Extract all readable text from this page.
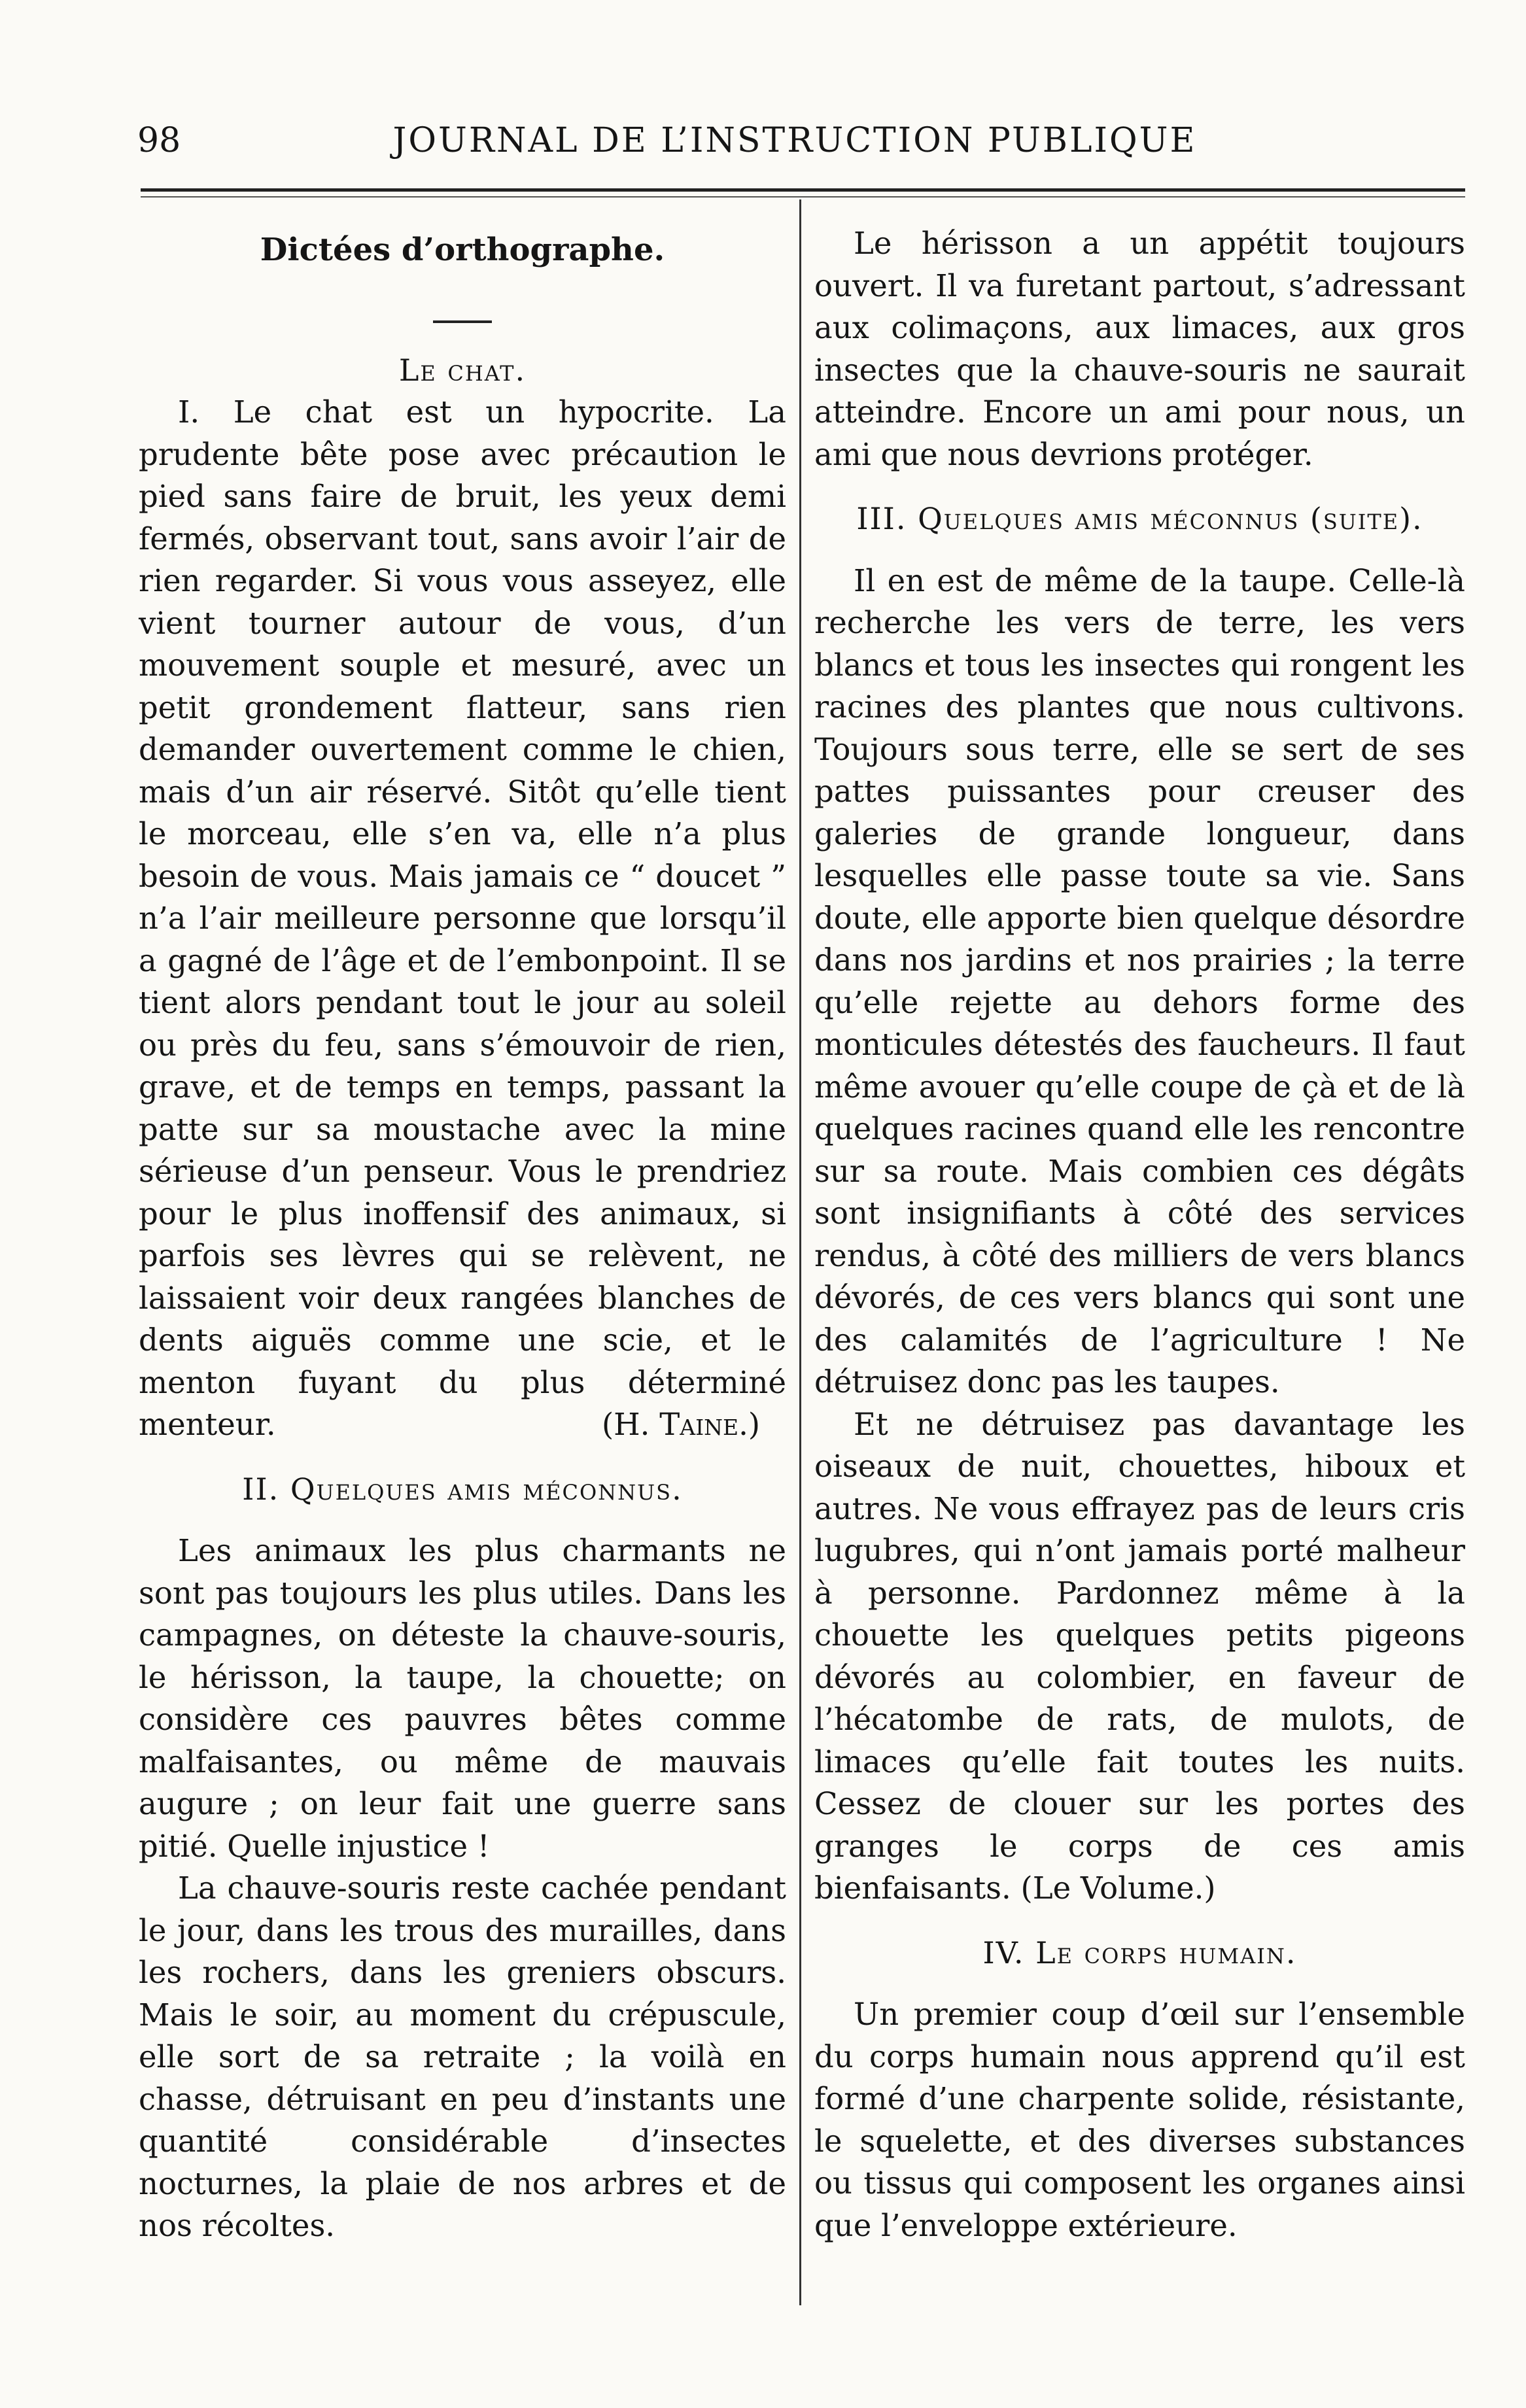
98	JOURNAL DE L’INSTRUCTION PUBLIQUE
Dictées d’orthographe.
Le chat.

I. Le chat est un hypocrite. La prudente bête pose avec précaution le pied sans faire de bruit, les yeux demi fermés, observant tout, sans avoir l’air de rien regarder. Si vous vous asseyez, elle vient tourner autour de vous, d’un mouvement souple et mesuré, avec un petit grondement flatteur, sans rien demander ouvertement comme le chien, mais d’un air réservé. Sitôt qu’elle tient le morceau, elle s’en va, elle n’a plus besoin de vous. Mais jamais ce “ doucet ” n’a l’air meilleure personne que lorsqu’il a gagné de l’âge et de l’embonpoint. Il se tient alors pendant tout le jour au soleil ou près du feu, sans s’émouvoir de rien, grave, et de temps en temps, passant la patte sur sa moustache avec la mine sérieuse d’un penseur. Vous le prendriez pour le plus inoffensif des animaux, si parfois ses lèvres qui se relèvent, ne laissaient voir deux rangées blanches de dents aiguës comme une scie, et le menton fuyant du plus déterminé menteur.	(H. Taine.)
II. Quelques amis méconnus.

Les animaux les plus charmants ne sont pas toujours les plus utiles. Dans les campagnes, on déteste la chauve-souris, le hérisson, la taupe, la chouette; on considère ces pauvres bêtes comme malfaisantes, ou même de mauvais augure ; on leur fait une guerre sans pitié. Quelle injustice !

La chauve-souris reste cachée pendant le jour, dans les trous des murailles, dans les rochers, dans les greniers obscurs. Mais le soir, au moment du crépuscule, elle sort de sa retraite ; la voilà en chasse, détruisant en peu d’instants une quantité considérable d’insectes nocturnes, la plaie de nos arbres et de nos récoltes.

Le hérisson a un appétit toujours ouvert. Il va furetant partout, s’adressant aux colimaçons, aux limaces, aux gros insectes que la chauve-souris ne saurait atteindre. Encore un ami pour nous, un ami que nous devrions protéger.

III. Quelques amis méconnus (suite).

Il en est de même de la taupe. Celle-là recherche les vers de terre, les vers blancs et tous les insectes qui rongent les racines des plantes que nous cultivons. Toujours sous terre, elle se sert de ses pattes puissantes pour creuser des galeries de grande longueur, dans lesquelles elle passe toute sa vie. Sans doute, elle apporte bien quelque désordre dans nos jardins et nos prairies ; la terre qu’elle rejette au dehors forme des monticules détestés des faucheurs. Il faut même avouer qu’elle coupe de çà et de là quelques racines quand elle les rencontre sur sa route. Mais combien ces dégâts sont insignifiants à côté des services rendus, à côté des milliers de vers blancs dévorés, de ces vers blancs qui sont une des calamités de l’agriculture ! Ne détruisez donc pas les taupes.

Et ne détruisez pas davantage les oiseaux de nuit, chouettes, hiboux et autres. Ne vous effrayez pas de leurs cris lugubres, qui n’ont jamais porté malheur à personne. Pardonnez même à la chouette les quelques petits pigeons dévorés au colombier, en faveur de l’hécatombe de rats, de mulots, de limaces qu’elle fait toutes les nuits. Cessez de clouer sur les portes des granges le corps de ces amis bienfaisants. (Le Volume.)

IV. Le corps humain.

Un premier coup d’œil sur l’ensemble du corps humain nous apprend qu’il est formé d’une charpente solide, résistante, le squelette, et des diverses substances ou tissus qui composent les organes ainsi que l’enveloppe extérieure.
